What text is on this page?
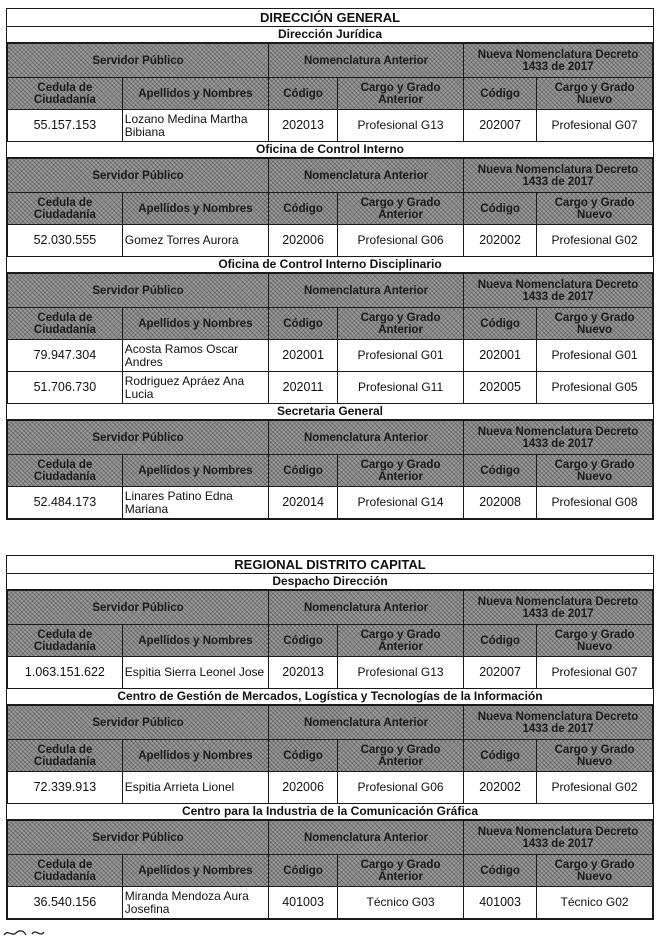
DIRECCIÓN GENERAL
Dirección Jurídica
Servidor Público		Nomenclatura Anterior		Nueva Nomenclatura Decreto 1433 de 2017	
Cedula de Ciudadanía	Apellidos y Nombres	Código	Cargo y Grado Anterior	Código	Cargo y Grado Nuevo
55.157.153	Lozano Medina Martha Bibiana	202013	Profesional G13	202007	Profesional G07
Oficina de Control Interno
Servidor Público		Nomenclatura Anterior		Nueva Nomenclatura Decreto 1433 de 2017	
Cedula de Ciudadanía	Apellidos y Nombres	Código	Cargo y Grado Anterior	Código	Cargo y Grado Nuevo
52.030.555	Gomez Torres Aurora	202006	Profesional G06	202002	Profesional G02
Oficina de Control Interno Disciplinario
Servidor Público		Nomenclatura Anterior		Nueva Nomenclatura Decreto 1433 de 2017	
Cedula de Ciudadanía	Apellidos y Nombres	Código	Cargo y Grado Anterior	Código	Cargo y Grado Nuevo
79.947.304	Acosta Ramos Oscar Andres	202001	Profesional G01	202001	Profesional G01
51.706.730	Rodriguez Apráez Ana Lucia	202011	Profesional G11	202005	Profesional G05
Secretaria General
Servidor Público		Nomenclatura Anterior		Nueva Nomenclatura Decreto 1433 de 2017	
Cedula de Ciudadanía	Apellidos y Nombres	Código	Cargo y Grado Anterior	Código	Cargo y Grado Nuevo
52.484.173	Linares Patino Edna Mariana	202014	Profesional G14	202008	Profesional G08
REGIONAL DISTRITO CAPITAL
Despacho Dirección
Servidor Público		Nomenclatura Anterior		Nueva Nomenclatura Decreto 1433 de 2017	
Cedula de Ciudadanía	Apellidos y Nombres	Código	Cargo y Grado Anterior	Código	Cargo y Grado Nuevo
1.063.151.622	Espitia Sierra Leonel Jose	202013	Profesional G13	202007	Profesional G07
Centro de Gestión de Mercados, Logística y Tecnologías de la Información
Servidor Público		Nomenclatura Anterior		Nueva Nomenclatura Decreto 1433 de 2017	
Cedula de Ciudadanía	Apellidos y Nombres	Código	Cargo y Grado Anterior	Código	Cargo y Grado Nuevo
72.339.913	Espitia Arrieta Lionel	202006	Profesional G06	202002	Profesional G02
Centro para la Industria de la Comunicación Gráfica
Servidor Público		Nomenclatura Anterior		Nueva Nomenclatura Decreto 1433 de 2017	
Cedula de Ciudadanía	Apellidos y Nombres	Código	Cargo y Grado Anterior	Código	Cargo y Grado Nuevo
36.540.156	Miranda Mendoza Aura Josefina	401003	Técnico G03	401003	Técnico G02
